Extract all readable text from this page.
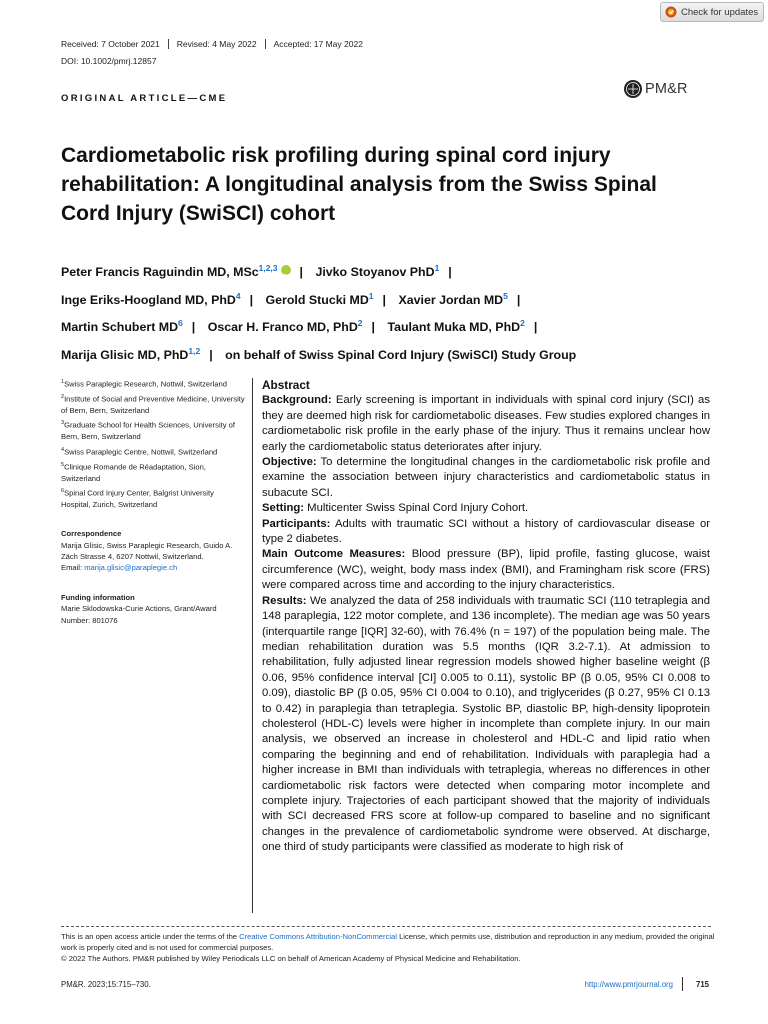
Check for updates
Received: 7 October 2021	Revised: 4 May 2022	Accepted: 17 May 2022
DOI: 10.1002/pmrj.12857
ORIGINAL ARTICLE—CME
PM&R
Cardiometabolic risk profiling during spinal cord injury rehabilitation: A longitudinal analysis from the Swiss Spinal Cord Injury (SwiSCI) cohort
Peter Francis Raguindin MD, MSc$^{1,2,3}$iD | Jivko Stoyanov PhD$^1$ |
Inge Eriks-Hoogland MD, PhD$^4$ | Gerold Stucki $MD^1$ | Xavier Jordan $MD^5$ |
Martin Schubert $MD^6$ | Oscar H. Franco MD, PhD$^2$ | Taulant Muka MD, PhD$^2$ |
Marija Glisic MD, PhD$^{1,2}$ | on behalf of Swiss Spinal Cord Injury (SwiSCI) Study Group
$^1$Swiss Paraplegic Research, Nottwil, Switzerland
$^2$Institute of Social and Preventive Medicine, University of Bern, Bern, Switzerland
$^3$Graduate School for Health Sciences, University of Bern, Bern, Switzerland
$^4$Swiss Paraplegic Centre, Nottwil, Switzerland
$^5$Clinique Romande de Réadaptation, Sion, Switzerland
$^6$Spinal Cord Injury Center, Balgrist University Hospital, Zurich, Switzerland
Correspondence
Marija Glisic, Swiss Paraplegic Research, Guido A. Zäch Strasse 4, 6207 Nottwil, Switzerland.
Email: marija.glisic@paraplegie.ch
Funding information
Marie Sklodowska-Curie Actions, Grant/Award Number: 801076
Abstract

Background: Early screening is important in individuals with spinal cord injury (SCI) as they are deemed high risk for cardiometabolic diseases. Few studies explored changes in cardiometabolic risk profile in the early phase of the injury. Thus it remains unclear how early the cardiometabolic status deteriorates after injury.

Objective: To determine the longitudinal changes in the cardiometabolic risk profile and examine the association between injury characteristics and cardiometabolic status in subacute SCI.

Setting: Multicenter Swiss Spinal Cord Injury Cohort.

Participants: Adults with traumatic SCI without a history of cardiovascular disease or type 2 diabetes.

Main Outcome Measures: Blood pressure (BP), lipid profile, fasting glucose, waist circumference (WC), weight, body mass index (BMI), and Framingham risk score (FRS) were compared across time and according to the injury characteristics.

Results: We analyzed the data of 258 individuals with traumatic SCI (110 tetraplegia and 148 paraplegia, 122 motor complete, and 136 incomplete). The median age was 50 years (interquartile range [IQR] 32-60), with 76.4% (n = 197) of the population being male. The median rehabilitation duration was 5.5 months (IQR 3.2-7.1). At admission to rehabilitation, fully adjusted linear regression models showed higher baseline weight (β 0.06, 95% confidence interval [CI] 0.005 to 0.11), systolic BP (β 0.05, 95% CI 0.008 to 0.09), diastolic BP (β 0.05, 95% CI 0.004 to 0.10), and triglycerides (β 0.27, 95% CI 0.13 to 0.42) in paraplegia than tetraplegia. Systolic BP, diastolic BP, high-density lipoprotein cholesterol (HDL-C) levels were higher in incomplete than complete injury. In our main analysis, we observed an increase in cholesterol and HDL-C and lipid ratio when comparing the beginning and end of rehabilitation. Individuals with paraplegia had a higher increase in BMI than individuals with tetraplegia, whereas no differences in other cardiometabolic risk factors were detected when comparing motor incomplete and complete injury. Trajectories of each participant showed that the majority of individuals with SCI decreased FRS score at follow-up compared to baseline and no significant changes in the prevalence of cardiometabolic syndrome were observed. At discharge, one third of study participants were classified as moderate to high risk of

This is an open access article under the terms of the Creative Commons Attribution-NonCommercial License, which permits use, distribution and reproduction in any medium, provided the original work is properly cited and is not used for commercial purposes.
© 2022 The Authors. PM&R published by Wiley Periodicals LLC on behalf of American Academy of Physical Medicine and Rehabilitation.
PM&R. 2023;15:715–730.	http://www.pmrjournal.org	715
